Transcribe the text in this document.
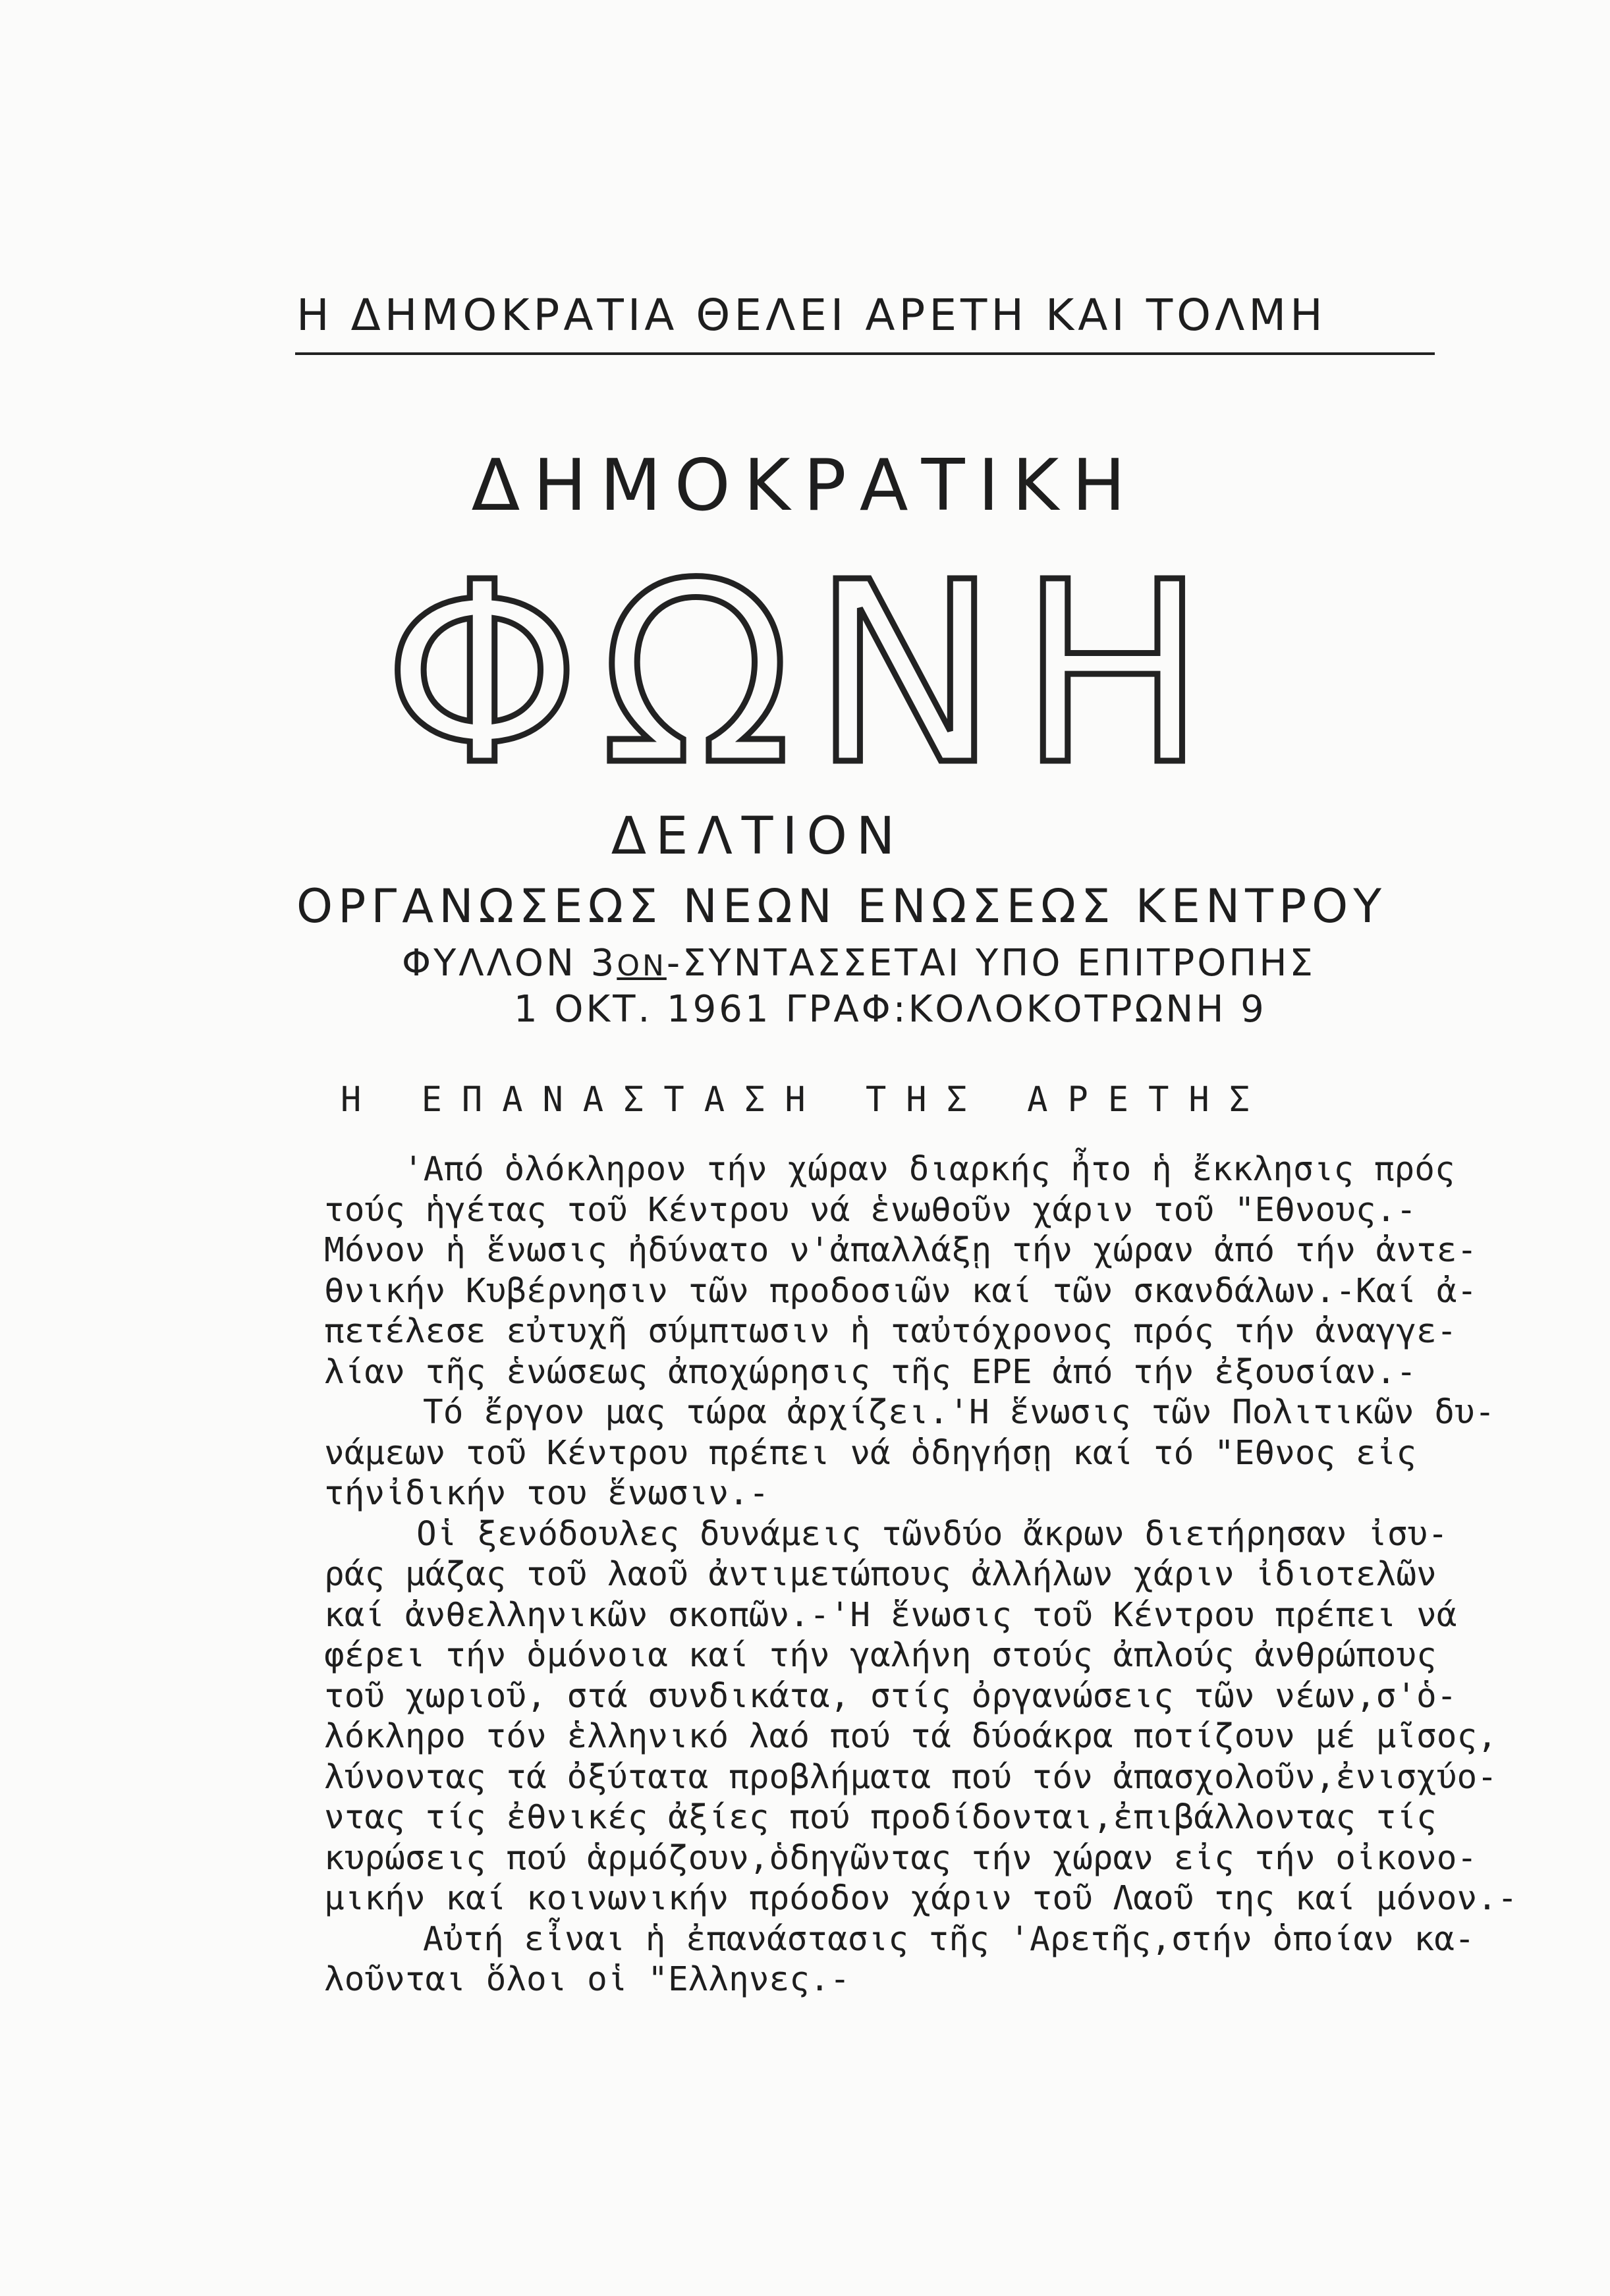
Η ΔΗΜΟΚΡΑΤΙΑ ΘΕΛΕΙ ΑΡΕΤΗ ΚΑΙ ΤΟΛΜΗ
ΔΗΜΟΚΡΑΤΙΚΗ
ΦΩΝΗ
ΔΕΛΤΙΟΝ
ΟΡΓΑΝΩΣΕΩΣ ΝΕΩΝ ΕΝΩΣΕΩΣ ΚΕΝΤΡΟΥ
ΦΥΛΛΟΝ 3ΟΝ-ΣΥΝΤΑΣΣΕΤΑΙ ΥΠΟ ΕΠΙΤΡΟΠΗΣ
1 ΟΚΤ. 1961 ΓΡΑΦ:ΚΟΛΟΚΟΤΡΩΝΗ 9
Η ΕΠΑΝΑΣΤΑΣΗ ΤΗΣ ΑΡΕΤΗΣ
'Από ὁλόκληρον τήν χώραν διαρκής ἦτο ἡ ἔκκλησις πρός
τούς ἡγέτας τοῦ Κέντρου νά ἑνωθοῦν χάριν τοῦ "Εθνους.-
Μόνον ἡ ἕνωσις ἠδύνατο ν'ἀπαλλάξῃ τήν χώραν ἀπό τήν ἀντε-
θνικήν Κυβέρνησιν τῶν προδοσιῶν καί τῶν σκανδάλων.-Καί ἀ-
πετέλεσε εὐτυχῆ σύμπτωσιν ἡ ταὐτόχρονος πρός τήν ἀναγγε-
λίαν τῆς ἑνώσεως ἀποχώρησις τῆς ΕΡΕ ἀπό τήν ἐξουσίαν.-
Τό ἔργον μας τώρα ἀρχίζει.'Η ἕνωσις τῶν Πολιτικῶν δυ-
νάμεων τοῦ Κέντρου πρέπει νά ὁδηγήσῃ καί τό "Εθνος εἰς
τήνἰδικήν του ἕνωσιν.-
Οἱ ξενόδουλες δυνάμεις τῶνδύο ἄκρων διετήρησαν ἰσυ-
ράς μάζας τοῦ λαοῦ ἀντιμετώπους ἀλλήλων χάριν ἰδιοτελῶν
καί ἀνθελληνικῶν σκοπῶν.-'Η ἕνωσις τοῦ Κέντρου πρέπει νά
φέρει τήν ὁμόνοια καί τήν γαλήνη στούς ἀπλούς ἀνθρώπους
τοῦ χωριοῦ, στά συνδικάτα, στίς ὀργανώσεις τῶν νέων,σ'ὁ-
λόκληρο τόν ἑλληνικό λαό πού τά δύοάκρα ποτίζουν μέ μῖσος,
λύνοντας τά ὀξύτατα προβλήματα πού τόν ἀπασχολοῦν,ἐνισχύο-
ντας τίς ἐθνικές ἀξίες πού προδίδονται,ἐπιβάλλοντας τίς
κυρώσεις πού ἁρμόζουν,ὁδηγῶντας τήν χώραν εἰς τήν οἰκονο-
μικήν καί κοινωνικήν πρόοδον χάριν τοῦ Λαοῦ της καί μόνον.-
Αὐτή εἶναι ἡ ἐπανάστασις τῆς 'Αρετῆς,στήν ὁποίαν κα-
λοῦνται ὅλοι οἱ "Ελληνες.-
